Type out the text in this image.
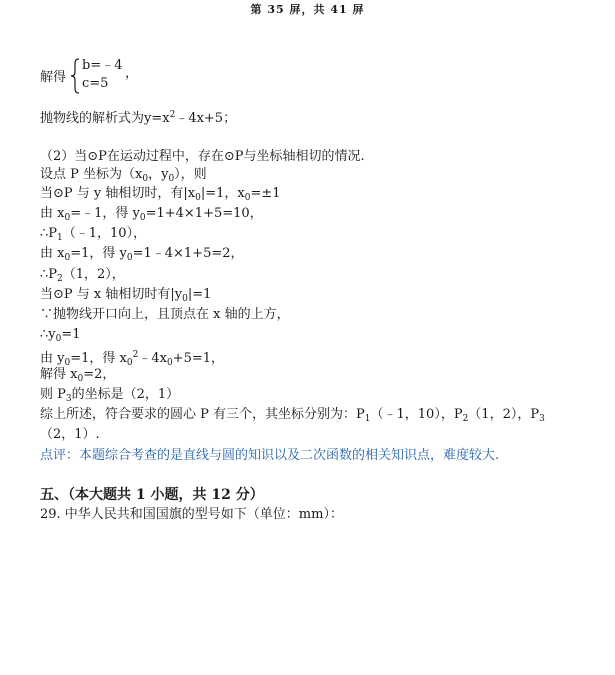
第 35 屏，共 41 屏
解得
b=﹣4
c=5
，
抛物线的解析式为$y=x^2﹣4x+5$；
（2）当⊙P在运动过程中，存在⊙P与坐标轴相切的情况.
设点 P 坐标为（$x_0$，$y_0$），则
当⊙P 与 y 轴相切时，有$|x_0|=1$，$x_0=\pm 1$
由 $x_0=﹣1$，得 $y_0=1+4\times 1+5=10$，
$\therefore P_1(﹣1$，10），
由 $x_0=1$，得 $y_0=1﹣4\times 1+5=2$，
$\therefore P_2(1$，2），
当⊙P 与 x 轴相切时有$|y_0|=1$
∵抛物线开口向上，且顶点在 x 轴的上方，
$\therefore y_0=1$
由 $y_0=1$，得 $x_0^2﹣4x_0+5=1$，
解得 $x_0=2$，
则 $P_3$的坐标是（2，1）
综上所述，符合要求的圆心 P 有三个，其坐标分别为：$P_1(﹣1$，10），$P_2(1$，2），$P_3$
（2，1）.
点评：本题综合考查的是直线与圆的知识以及二次函数的相关知识点，难度较大.
五、（本大题共 1 小题，共 12 分）
29. 中华人民共和国国旗的型号如下（单位：mm）：
